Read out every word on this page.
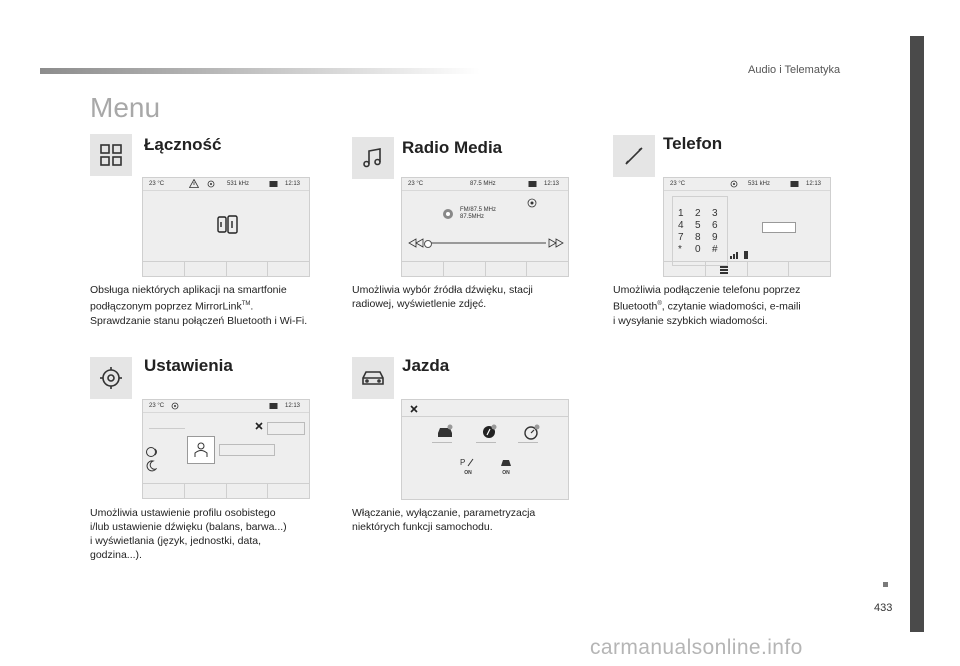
Audio i Telematyka
Menu
Łączność
23 °C	531 kHz	12:13
Obsługa niektórych aplikacji na smartfonie
podłączonym poprzez MirrorLink™.
Sprawdzanie stanu połączeń Bluetooth i Wi-Fi.
Radio Media
23 °C	87.5 MHz	12:13
FM/87.5 MHz
87.5MHz
Umożliwia wybór źródła dźwięku, stacji
radiowej, wyświetlenie zdjęć.
Telefon
23 °C	531 kHz	12:13
1 2 3
4 5 6
7 8 9
* 0 #
Umożliwia podłączenie telefonu poprzez
Bluetooth®, czytanie wiadomości, e-maili
i wysyłanie szybkich wiadomości.
Ustawienia
23 °C	12:13
Umożliwia ustawienie profilu osobistego
i/lub ustawienie dźwięku (balans, barwa...)
i wyświetlania (język, jednostki, data,
godzina...).
Jazda
P
ON	ON
Włączanie, wyłączanie, parametryzacja
niektórych funkcji samochodu.
433
carmanualsonline.info
